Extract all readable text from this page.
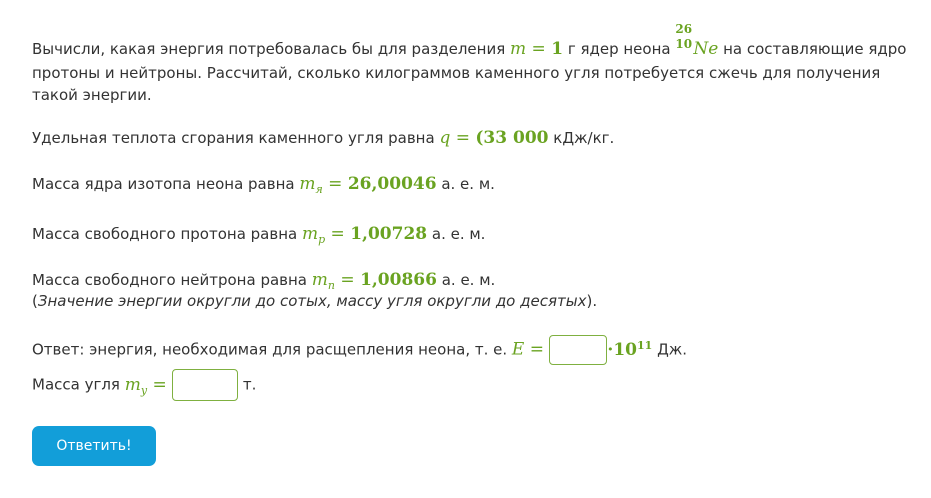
Вычисли, какая энергия потребовалась бы для разделения m = 1 г ядер неона
26
10 Ne на составляющие ядро
протоны и нейтроны. Рассчитай, сколько килограммов каменного угля потребуется сжечь для получения
такой энергии.
Удельная теплота сгорания каменного угля равна q = (33 000 кДж/кг.
Масса ядра изотопа неона равна $m_я = 26,00046$ а. е. м.
Масса свободного протона равна $m_p = 1,00728$ а. е. м.
Масса свободного нейтрона равна $m_n = 1,00866$ а. е. м.
(Значение энергии округли до сотых, массу угля округли до десятых).
Ответ: энергия, необходимая для расщепления неона, т. е. E =	$\cdot 10^{11}$ Дж.
Масса угля $m_y$ =	т.
Ответить!
